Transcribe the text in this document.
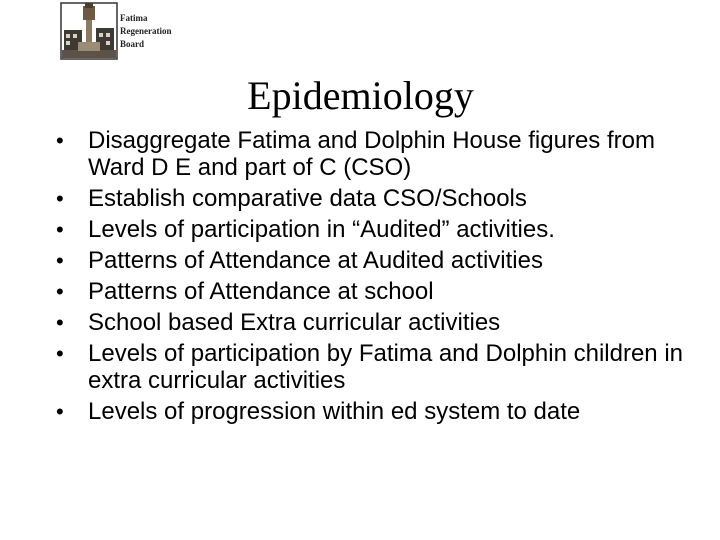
Fatima
Regeneration
Board
Epidemiology
• Disaggregate Fatima and Dolphin House figures from Ward D E and part of C (CSO)
• Establish comparative data CSO/Schools
• Levels of participation in “Audited” activities.
• Patterns of Attendance at Audited activities
• Patterns of Attendance at school
• School based Extra curricular activities
• Levels of participation by Fatima and Dolphin children in extra curricular activities
• Levels of progression within ed system to date
